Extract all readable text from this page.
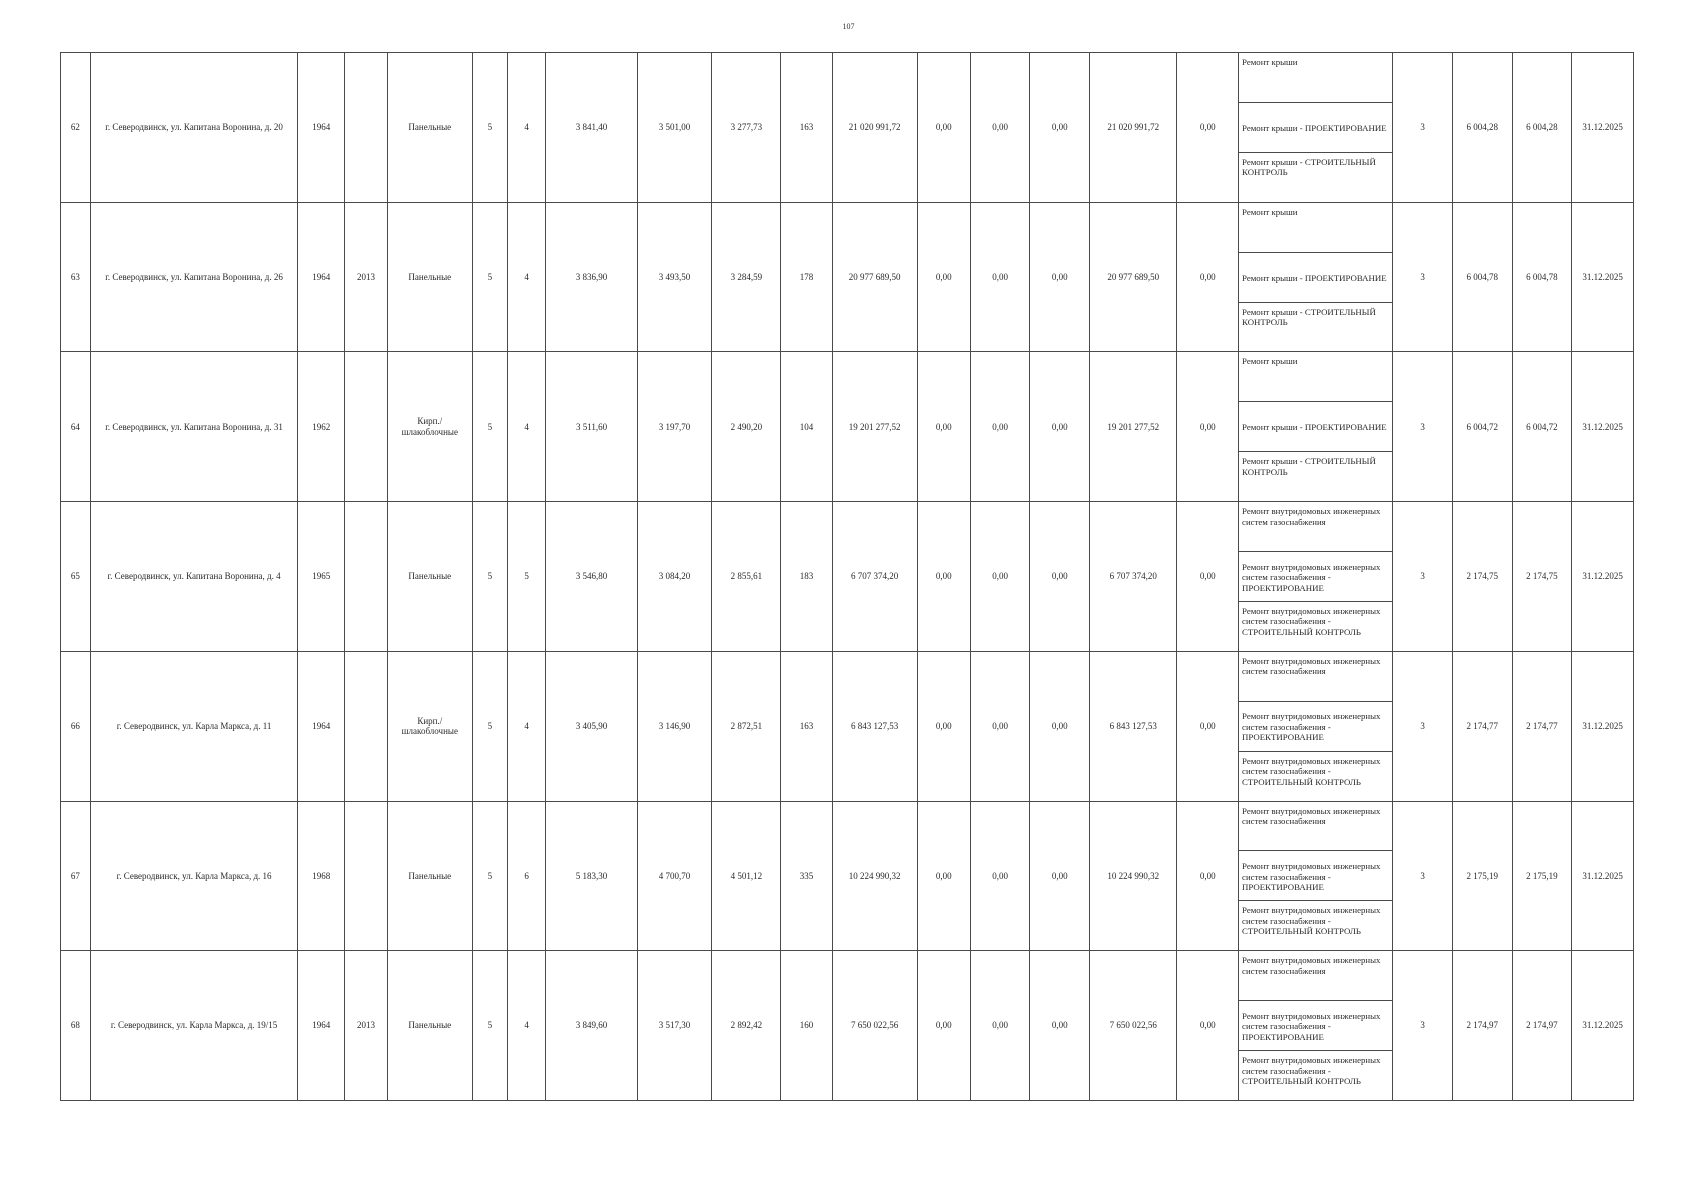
107
62	г. Северодвинск, ул. Капитана Воронина, д. 20	1964		Панельные	5	4	3 841,40	3 501,00	3 277,73	163	21 020 991,72	0,00	0,00	0,00	21 020 991,72	0,00	Ремонт крыши
Ремонт крыши - ПРОЕКТИРОВАНИЕ
Ремонт крыши - СТРОИТЕЛЬНЫЙ КОНТРОЛЬ	3	6 004,28	6 004,28	31.12.2025
63	г. Северодвинск, ул. Капитана Воронина, д. 26	1964	2013	Панельные	5	4	3 836,90	3 493,50	3 284,59	178	20 977 689,50	0,00	0,00	0,00	20 977 689,50	0,00	Ремонт крыши
Ремонт крыши - ПРОЕКТИРОВАНИЕ
Ремонт крыши - СТРОИТЕЛЬНЫЙ КОНТРОЛЬ	3	6 004,78	6 004,78	31.12.2025
64	г. Северодвинск, ул. Капитана Воронина, д. 31	1962		Кирп./ шлакоблочные	5	4	3 511,60	3 197,70	2 490,20	104	19 201 277,52	0,00	0,00	0,00	19 201 277,52	0,00	Ремонт крыши
Ремонт крыши - ПРОЕКТИРОВАНИЕ
Ремонт крыши - СТРОИТЕЛЬНЫЙ КОНТРОЛЬ	3	6 004,72	6 004,72	31.12.2025
65	г. Северодвинск, ул. Капитана Воронина, д. 4	1965		Панельные	5	5	3 546,80	3 084,20	2 855,61	183	6 707 374,20	0,00	0,00	0,00	6 707 374,20	0,00	Ремонт внутридомовых инженерных систем газоснабжения
Ремонт внутридомовых инженерных систем газоснабжения - ПРОЕКТИРОВАНИЕ
Ремонт внутридомовых инженерных систем газоснабжения - СТРОИТЕЛЬНЫЙ КОНТРОЛЬ	3	2 174,75	2 174,75	31.12.2025
66	г. Северодвинск, ул. Карла Маркса, д. 11	1964		Кирп./ шлакоблочные	5	4	3 405,90	3 146,90	2 872,51	163	6 843 127,53	0,00	0,00	0,00	6 843 127,53	0,00	Ремонт внутридомовых инженерных систем газоснабжения
Ремонт внутридомовых инженерных систем газоснабжения - ПРОЕКТИРОВАНИЕ
Ремонт внутридомовых инженерных систем газоснабжения - СТРОИТЕЛЬНЫЙ КОНТРОЛЬ	3	2 174,77	2 174,77	31.12.2025
67	г. Северодвинск, ул. Карла Маркса, д. 16	1968		Панельные	5	6	5 183,30	4 700,70	4 501,12	335	10 224 990,32	0,00	0,00	0,00	10 224 990,32	0,00	Ремонт внутридомовых инженерных систем газоснабжения
Ремонт внутридомовых инженерных систем газоснабжения - ПРОЕКТИРОВАНИЕ
Ремонт внутридомовых инженерных систем газоснабжения - СТРОИТЕЛЬНЫЙ КОНТРОЛЬ	3	2 175,19	2 175,19	31.12.2025
68	г. Северодвинск, ул. Карла Маркса, д. 19/15	1964	2013	Панельные	5	4	3 849,60	3 517,30	2 892,42	160	7 650 022,56	0,00	0,00	0,00	7 650 022,56	0,00	Ремонт внутридомовых инженерных систем газоснабжения
Ремонт внутридомовых инженерных систем газоснабжения - ПРОЕКТИРОВАНИЕ
Ремонт внутридомовых инженерных систем газоснабжения - СТРОИТЕЛЬНЫЙ КОНТРОЛЬ	3	2 174,97	2 174,97	31.12.2025
